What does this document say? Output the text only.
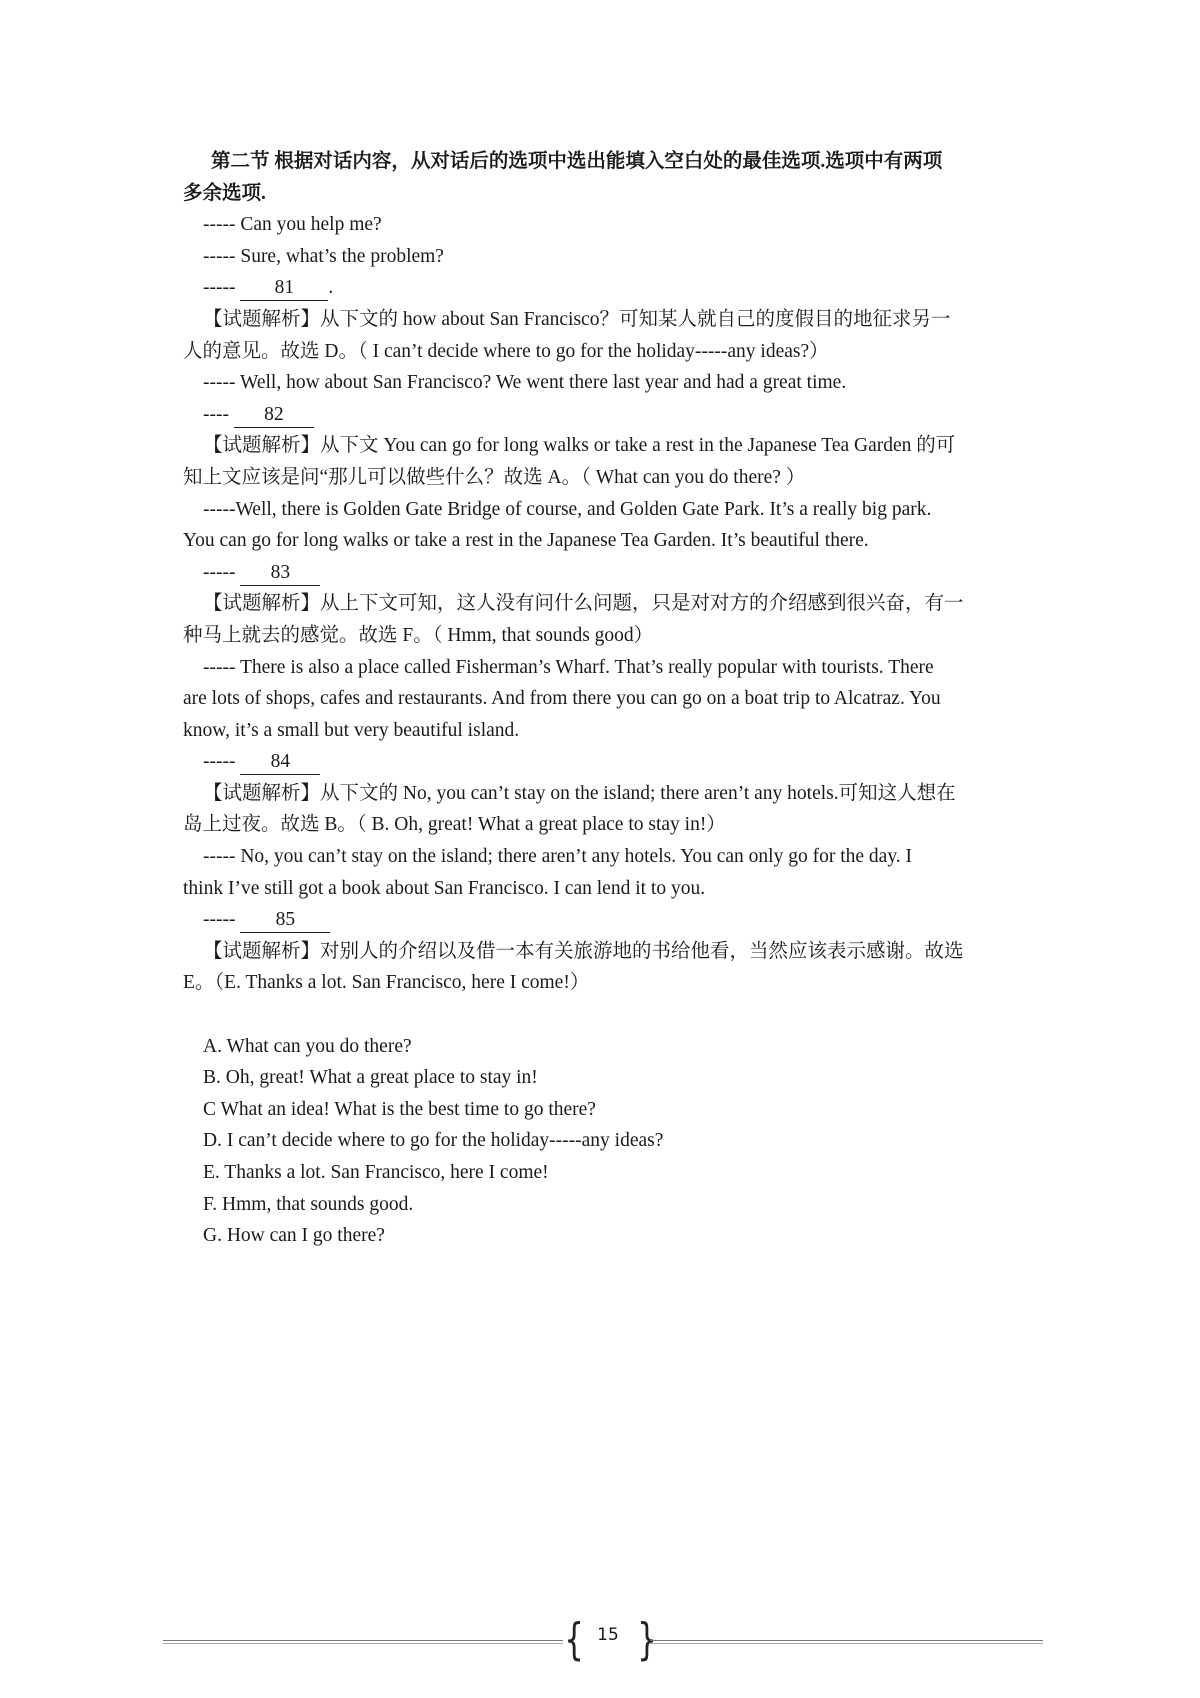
第二节 根据对话内容，从对话后的选项中选出能填入空白处的最佳选项.选项中有两项
多余选项.
----- Can you help me?
----- Sure, what’s the problem?
----- 81 .
【试题解析】从下文的 how about San Francisco？可知某人就自己的度假目的地征求另一
人的意见。故选 D。（ I can’t decide where to go for the holiday-----any ideas?）
----- Well, how about San Francisco? We went there last year and had a great time.
---- 82
【试题解析】从下文 You can go for long walks or take a rest in the Japanese Tea Garden 的可
知上文应该是问“那儿可以做些什么？故选 A。（ What can you do there? ）
-----Well, there is Golden Gate Bridge of course, and Golden Gate Park. It’s a really big park.
You can go for long walks or take a rest in the Japanese Tea Garden. It’s beautiful there.
----- 83
【试题解析】从上下文可知，这人没有问什么问题，只是对对方的介绍感到很兴奋，有一
种马上就去的感觉。故选 F。（ Hmm, that sounds good）
----- There is also a place called Fisherman’s Wharf. That’s really popular with tourists. There
are lots of shops, cafes and restaurants. And from there you can go on a boat trip to Alcatraz. You
know, it’s a small but very beautiful island.
----- 84
【试题解析】从下文的 No, you can’t stay on the island; there aren’t any hotels.可知这人想在
岛上过夜。故选 B。（ B. Oh, great! What a great place to stay in!）
----- No, you can’t stay on the island; there aren’t any hotels. You can only go for the day. I
think I’ve still got a book about San Francisco. I can lend it to you.
----- 85
【试题解析】对别人的介绍以及借一本有关旅游地的书给他看，当然应该表示感谢。故选
E。（E. Thanks a lot. San Francisco, here I come!）
A. What can you do there?
B. Oh, great! What a great place to stay in!
C What an idea! What is the best time to go there?
D. I can’t decide where to go for the holiday-----any ideas?
E. Thanks a lot. San Francisco, here I come!
F. Hmm, that sounds good.
G. How can I go there?
{ 15 }
